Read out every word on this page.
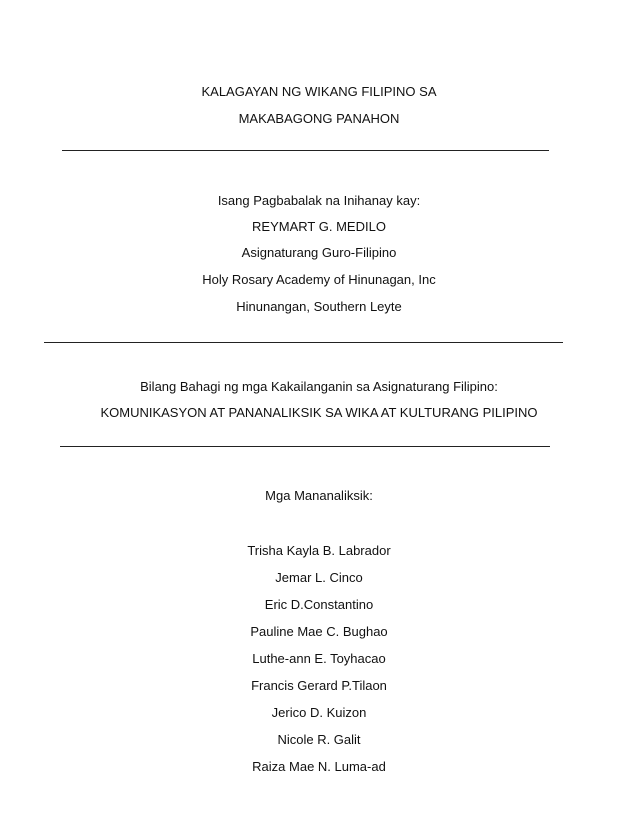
KALAGAYAN NG WIKANG FILIPINO SA
MAKABAGONG PANAHON
Isang Pagbabalak na Inihanay kay:
REYMART G. MEDILO
Asignaturang Guro-Filipino
Holy Rosary Academy of Hinunagan, Inc
Hinunangan, Southern Leyte
Bilang Bahagi ng mga Kakailanganin sa Asignaturang Filipino:
KOMUNIKASYON AT PANANALIKSIK SA WIKA AT KULTURANG PILIPINO
Mga Mananaliksik:
Trisha Kayla B. Labrador
Jemar L. Cinco
Eric D.Constantino
Pauline Mae C. Bughao
Luthe-ann E. Toyhacao
Francis Gerard P.Tilaon
Jerico D. Kuizon
Nicole R. Galit
Raiza Mae N. Luma-ad
